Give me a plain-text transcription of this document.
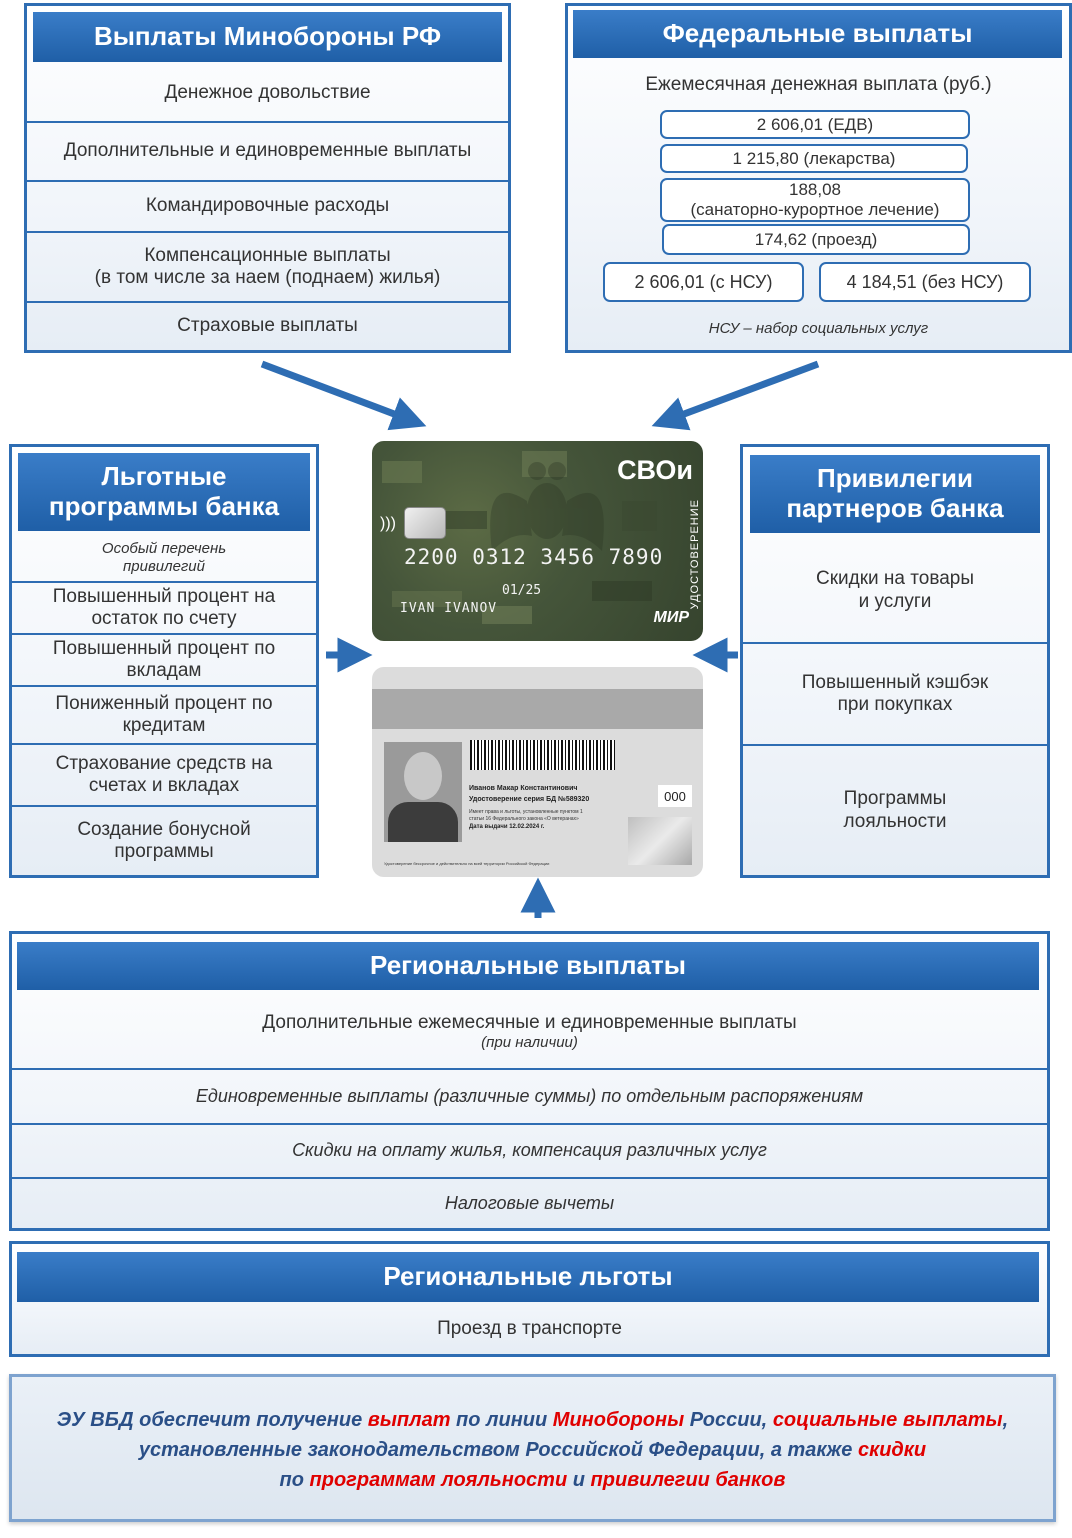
Выплаты Минобороны РФ
Денежное довольствие
Дополнительные и единовременные выплаты
Командировочные расходы
Компенсационные выплаты
(в том числе за наем (поднаем) жилья)
Страховые выплаты
Федеральные выплаты
Ежемесячная денежная выплата (руб.)
2 606,01 (ЕДВ)
1 215,80 (лекарства)
188,08
(санаторно-курортное лечение)
174,62 (проезд)
2 606,01 (с НСУ)	4 184,51 (без НСУ)
НСУ – набор социальных услуг
Льготные
программы банка
Особый перечень
привилегий
Повышенный процент на
остаток по счету
Повышенный процент по
вкладам
Пониженный процент по
кредитам
Страхование средств на
счетах и вкладах
Создание бонусной
программы
Привилегии
партнеров банка
Скидки на товары
и услуги
Повышенный кэшбэк
при покупках
Программы
лояльности
СВОи
УДОСТОВЕРЕНИЕ
)))
2200 0312 3456 7890
01/25
IVAN IVANOV
МИР
Иванов Макар Константинович
Удостоверение серия БД №589320
Имеет права и льготы, установленные пунктом 1
статьи 16 Федерального закона «О ветеранах»
Дата выдачи 12.02.2024 г.
000
Удостоверение бессрочное и действительно на всей территории Российской Федерации
Региональные выплаты
Дополнительные ежемесячные и единовременные выплаты
(при наличии)
Единовременные выплаты (различные суммы) по отдельным распоряжениям
Скидки на оплату жилья, компенсация различных услуг
Налоговые вычеты
Региональные льготы
Проезд в транспорте
ЭУ ВБД обеспечит получение выплат по линии Минобороны России, социальные выплаты,
установленные законодательством Российской Федерации, а также скидки
по программам лояльности и привилегии банков
